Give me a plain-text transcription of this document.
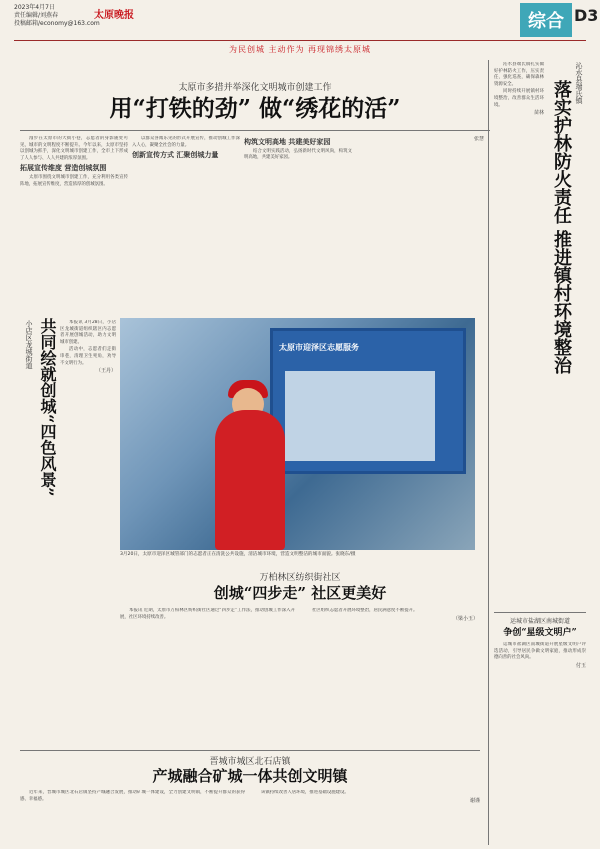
2023年4月7日
责任编辑/刘燕春
投稿邮箱/economy@163.com
太原晚报	综合 D3
为民创城 主动作为 再现锦绣太原城
太原市多措并举深化文明城市创建工作
用“打铁的劲” 做“绣花的活”

漫步在太原市的大街小巷，志愿者的身影随处可见，城市的文明程度不断提升。今年以来，太原市坚持以创城为抓手，深化文明城市创建工作，全市上下形成了人人参与、人人共建的浓厚氛围。

拓展宣传维度 营造创城氛围

太原市围绕文明城市创建工作，充分利用各类宣传阵地，拓展宣传维度，营造浓厚的创城氛围。

以群众喜闻乐见的形式开展宣传，推动创城工作深入人心，凝聚全社会的力量。

创新宣传方式 汇聚创城力量
构筑文明高地 共建美好家园

结合文明实践活动，弘扬新时代文明风尚，构筑文明高地，共建美好家园。

张慧
小店区龙城街道 共同绘就创城“四色风景”	本报讯 3月28日，小店区龙城街道组织辖区内志愿者开展创城活动，助力文明城市创建。

活动中，志愿者们走街串巷，清理卫生死角，劝导不文明行为。

（王丹）
太原市迎泽区志愿服务
3月20日，太原市迎泽区城管部门的志愿者正在清洗公共设施，清洁城市环境，营造文明整洁的城市面貌。张晓东/摄
万柏林区纺织街社区
创城“四步走” 社区更美好

本报讯 近期，太原市万柏林区纺织街社区通过“四步走”工作法，推动创城工作深入开展，社区环境持续改善。

社区组织志愿者开展环境整治，居民满意度不断提升。

（梁小玉）
晋城市城区北石店镇
产城融合矿城一体共创文明镇

近年来，晋城市城区北石店镇坚持产城融合发展，推动矿城一体建设，全力创建文明镇，不断提升群众的获得感、幸福感。

该镇持续改善人居环境，推进基础设施建设。

谢谨
沁水县端氏镇
落实护林防火责任 推进镇村环境整治

沁水县端氏镇扎实做好护林防火工作，压实责任，强化巡查，确保森林资源安全。

同时持续开展镇村环境整治，改善群众生活环境。

苗林
运城市盐湖区南城街道
争创“星级文明户”

运城市盐湖区南城街道开展星级文明户评选活动，引导居民争做文明家庭，推动形成崇德向善的社会风尚。

付玉
